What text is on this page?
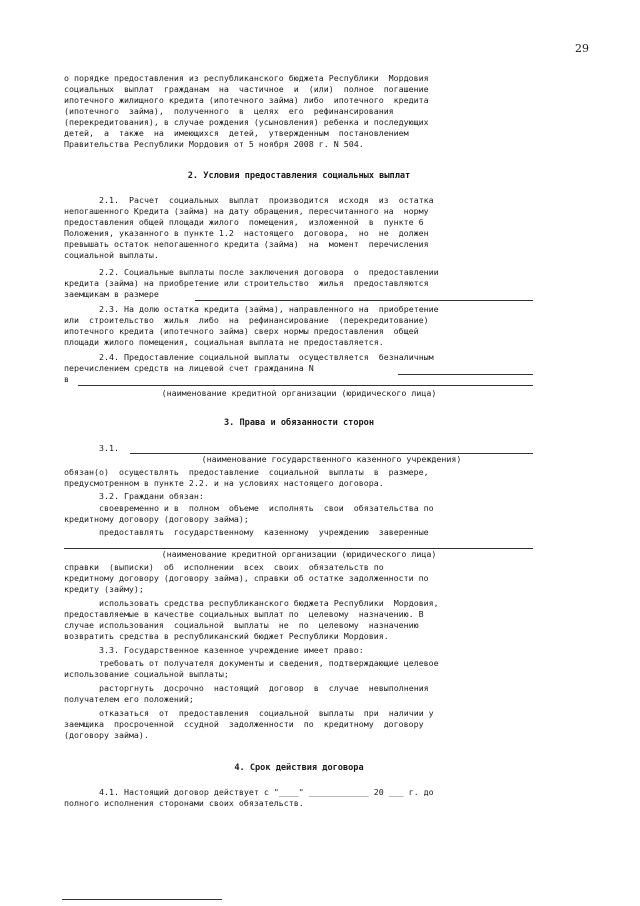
29
о порядке предоставления из республиканского бюджета Республики  Мордовия
социальных  выплат  гражданам  на  частичное  и  (или)  полное  погашение
ипотечного жилищного кредита (ипотечного займа) либо  ипотечного  кредита
(ипотечного  займа),  полученного  в  целях  его  рефинансирования
(перекредитования), в случае рождения (усыновления) ребенка и последующих
детей,  а  также  на  имеющихся  детей,  утвержденным  постановлением
Правительства Республики Мордовия от 5 ноября 2008 г. N 504.
2. Условия предоставления социальных выплат
2.1.  Расчет  социальных  выплат  производится  исходя  из  остатка
непогашенного Кредита (займа) на дату обращения, пересчитанного на  норму
предоставления общей площади жилого  помещения,  изложенной  в  пункте 6
Положения, указанного в пункте 1.2  настоящего  договора,  но  не  должен
превышать остаток непогашенного кредита (займа)  на  момент  перечисления
социальной выплаты.
2.2. Социальные выплаты после заключения договора  о  предоставлении
кредита (займа) на приобретение или строительство  жилья  предоставляются
заемщикам в размере
2.3. На долю остатка кредита (займа), направленного на  приобретение
или  строительство  жилья  либо  на  рефинансирование  (перекредитование)
ипотечного кредита (ипотечного займа) сверх нормы предоставления  общей
площади жилого помещения, социальная выплата не предоставляется.
2.4. Предоставление социальной выплаты  осуществляется  безналичным
перечислением средств на лицевой счет гражданина N
в
(наименование кредитной организации (юридического лица)
3. Права и обязанности сторон
3.1.
(наименование государственного казенного учреждения)
обязан(о)  осуществлять  предоставление  социальной  выплаты  в  размере,
предусмотренном в пункте 2.2. и на условиях настоящего договора.
3.2. Граждани обязан:
своевременно и в  полном  объеме  исполнять  свои  обязательства по
кредитному договору (договору займа);
предоставлять  государственному  казенному  учреждению  заверенные
(наименование кредитной организации (юридического лица)
справки  (выписки)  об  исполнении  всех  своих  обязательств по
кредитному договору (договору займа), справки об остатке задолженности по
кредиту (займу);
использовать средства республиканского бюджета Республики  Мордовия,
предоставляемые в качестве социальных выплат по  целевому  назначению. В
случае использования  социальной  выплаты  не  по  целевому  назначению
возвратить средства в республиканский бюджет Республики Мордовия.
3.3. Государственное казенное учреждение имеет право:
требовать от получателя документы и сведения, подтверждающие целевое
использование социальной выплаты;
расторгнуть  досрочно  настоящий  договор  в  случае  невыполнения
получателем его положений;
отказаться  от  предоставления  социальной  выплаты  при  наличии у
заемщика  просроченной  ссудной  задолженности  по  кредитному  договору
(договору займа).
4. Срок действия договора
4.1. Настоящий договор действует с "____" ____________ 20 ___ г. до
полного исполнения сторонами своих обязательств.
